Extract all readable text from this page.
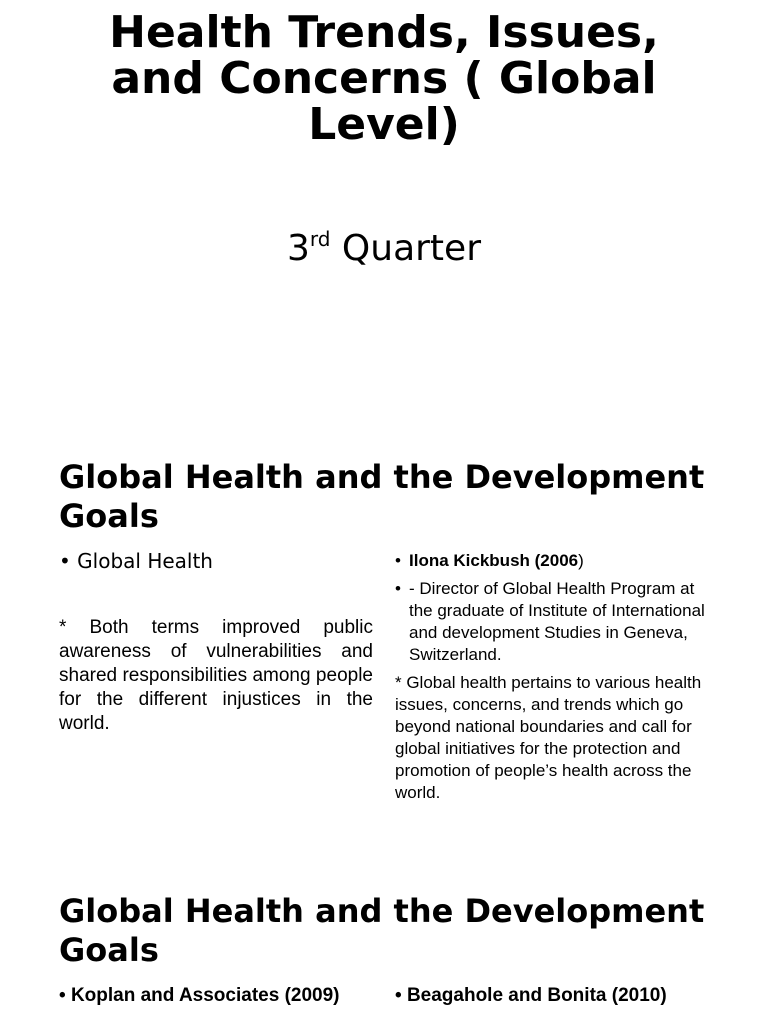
Health Trends, Issues, and Concerns ( Global Level)

3rd Quarter

Global Health and the Development Goals

• Global Health

* Both terms improved public awareness of vulnerabilities and shared responsibilities among people for the different injustices in the world.

• Ilona Kickbush (2006)
• - Director of Global Health Program at the graduate of Institute of International and development Studies in Geneva, Switzerland.

* Global health pertains to various health issues, concerns, and trends which go beyond national boundaries and call for global initiatives for the protection and promotion of people’s health across the world.

Global Health and the Development Goals

• Koplan and Associates (2009)	• Beagahole and Bonita (2010)
